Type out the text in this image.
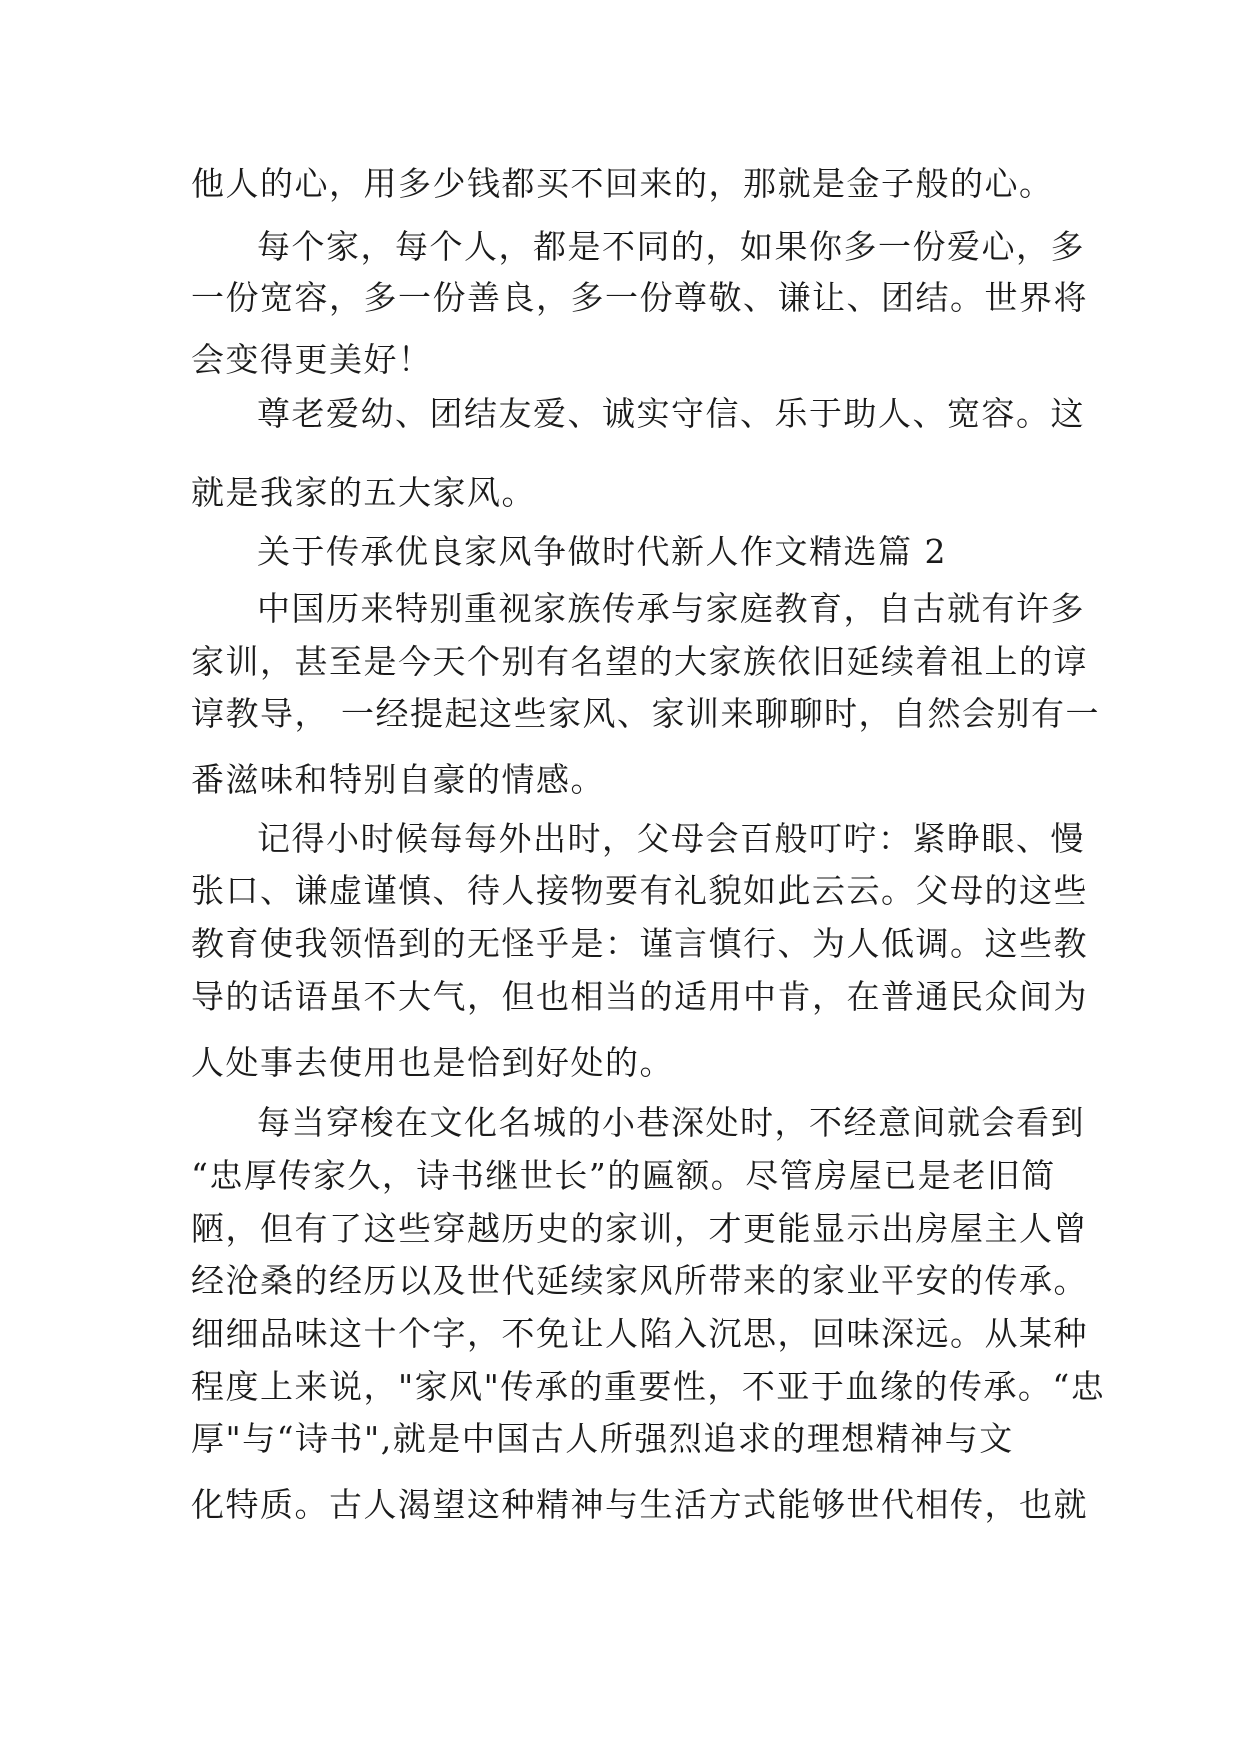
他人的心，用多少钱都买不回来的，那就是金子般的心。
每个家，每个人，都是不同的，如果你多一份爱心，多
一份宽容，多一份善良，多一份尊敬、谦让、团结。世界将
会变得更美好！
尊老爱幼、团结友爱、诚实守信、乐于助人、宽容。这
就是我家的五大家风。
关于传承优良家风争做时代新人作文精选篇 2
中国历来特别重视家族传承与家庭教育，自古就有许多
家训，甚至是今天个别有名望的大家族依旧延续着祖上的谆
谆教导， 一经提起这些家风、家训来聊聊时，自然会别有一
番滋味和特别自豪的情感。
记得小时候每每外出时，父母会百般叮咛：紧睁眼、慢
张口、谦虚谨慎、待人接物要有礼貌如此云云。父母的这些
教育使我领悟到的无怪乎是：谨言慎行、为人低调。这些教
导的话语虽不大气，但也相当的适用中肯，在普通民众间为
人处事去使用也是恰到好处的。
每当穿梭在文化名城的小巷深处时，不经意间就会看到
“忠厚传家久，诗书继世长”的匾额。尽管房屋已是老旧简
陋，但有了这些穿越历史的家训，才更能显示出房屋主人曾
经沧桑的经历以及世代延续家风所带来的家业平安的传承。
细细品味这十个字，不免让人陷入沉思，回味深远。从某种
程度上来说，"家风"传承的重要性，不亚于血缘的传承。“忠
厚"与“诗书",就是中国古人所强烈追求的理想精神与文
化特质。古人渴望这种精神与生活方式能够世代相传，也就
